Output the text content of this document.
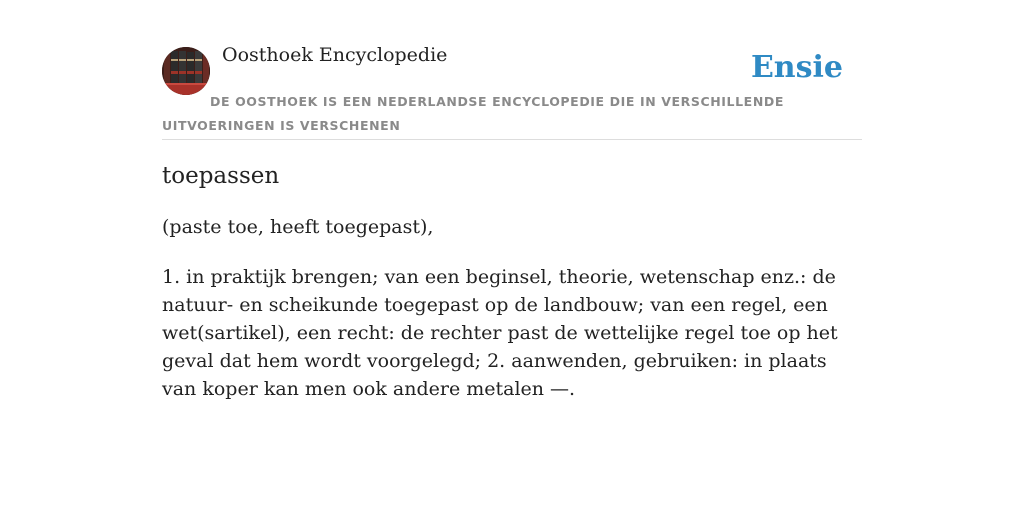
Oosthoek Encyclopedie	Ensie
DE OOSTHOEK IS EEN NEDERLANDSE ENCYCLOPEDIE DIE IN VERSCHILLENDE UITVOERINGEN IS VERSCHENEN
toepassen
(paste toe, heeft toegepast),
1. in praktijk brengen; van een beginsel, theorie, wetenschap enz.: de natuur- en scheikunde toegepast op de landbouw; van een regel, een wet(sartikel), een recht: de rechter past de wettelijke regel toe op het geval dat hem wordt voorgelegd; 2. aanwenden, gebruiken: in plaats van koper kan men ook andere metalen —.
